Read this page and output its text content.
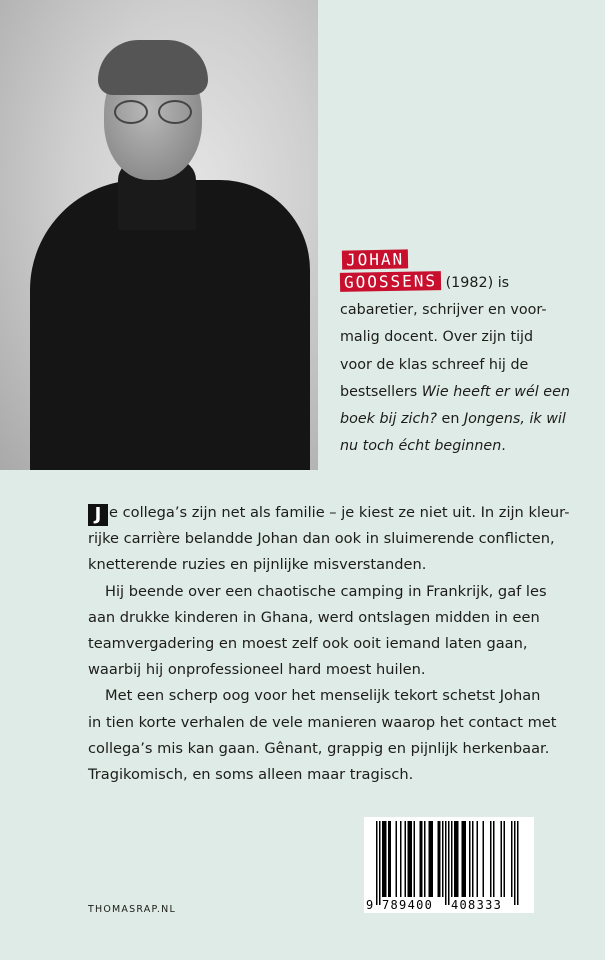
JOHAN
GOOSSENS (1982) is
cabaretier, schrijver en voor-
malig docent. Over zijn tijd
voor de klas schreef hij de
bestsellers Wie heeft er wél een
boek bij zich? en Jongens, ik wil
nu toch écht beginnen.

J e collega’s zijn net als familie – je kiest ze niet uit. In zijn kleur-

rijke carrière belandde Johan dan ook in sluimerende conflicten,

knetterende ruzies en pijnlijke misverstanden.

Hij beende over een chaotische camping in Frankrijk, gaf les

aan drukke kinderen in Ghana, werd ontslagen midden in een

teamvergadering en moest zelf ook ooit iemand laten gaan,

waarbij hij onprofessioneel hard moest huilen.

Met een scherp oog voor het menselijk tekort schetst Johan

in tien korte verhalen de vele manieren waarop het contact met

collega’s mis kan gaan. Gênant, grappig en pijnlijk herkenbaar.

Tragikomisch, en soms alleen maar tragisch.

THOMASRAP.NL	9 789400 408333
